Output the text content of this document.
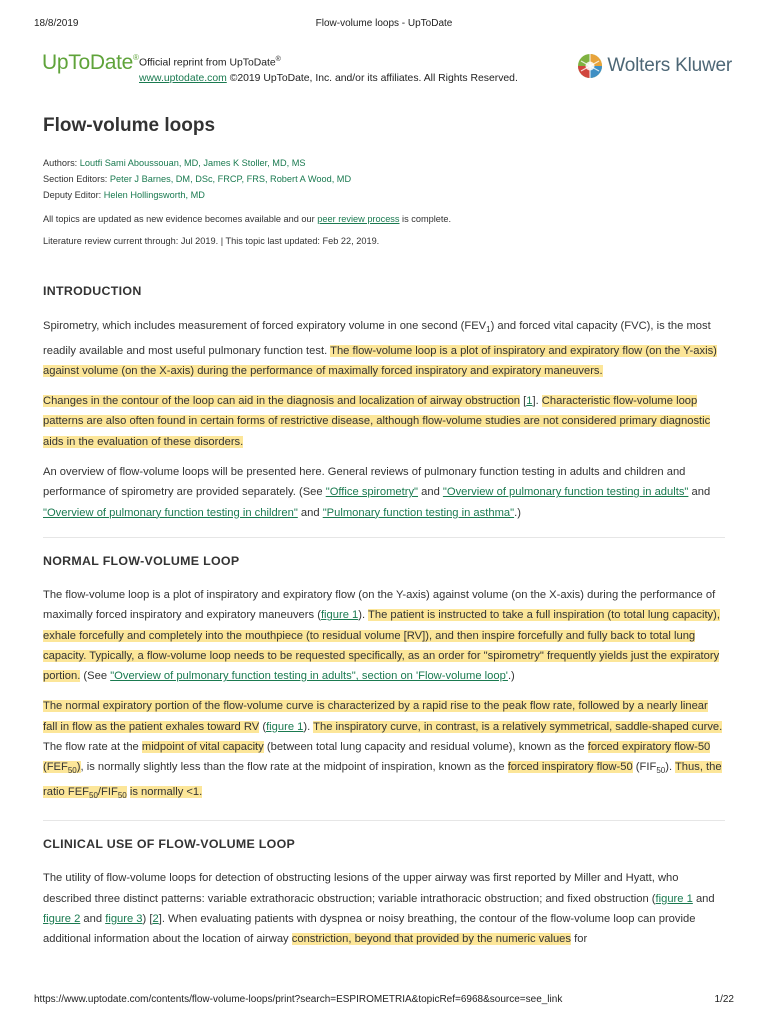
18/8/2019	Flow-volume loops - UpToDate
UpToDate® Official reprint from UpToDate®
www.uptodate.com ©2019 UpToDate, Inc. and/or its affiliates. All Rights Reserved.
Wolters Kluwer
Flow-volume loops
Authors: Loutfi Sami Aboussouan, MD, James K Stoller, MD, MS
Section Editors: Peter J Barnes, DM, DSc, FRCP, FRS, Robert A Wood, MD
Deputy Editor: Helen Hollingsworth, MD
All topics are updated as new evidence becomes available and our peer review process is complete.
Literature review current through: Jul 2019. | This topic last updated: Feb 22, 2019.
INTRODUCTION

Spirometry, which includes measurement of forced expiratory volume in one second $(FEV_1)$ and forced vital capacity (FVC), is the most readily available and most useful pulmonary function test. The flow-volume loop is a plot of inspiratory and expiratory flow (on the Y-axis) against volume (on the X-axis) during the performance of maximally forced inspiratory and expiratory maneuvers.

Changes in the contour of the loop can aid in the diagnosis and localization of airway obstruction [1]. Characteristic flow-volume loop patterns are also often found in certain forms of restrictive disease, although flow-volume studies are not considered primary diagnostic aids in the evaluation of these disorders.

An overview of flow-volume loops will be presented here. General reviews of pulmonary function testing in adults and children and performance of spirometry are provided separately. (See "Office spirometry" and "Overview of pulmonary function testing in adults" and "Overview of pulmonary function testing in children" and "Pulmonary function testing in asthma".)

NORMAL FLOW-VOLUME LOOP

The flow-volume loop is a plot of inspiratory and expiratory flow (on the Y-axis) against volume (on the X-axis) during the performance of maximally forced inspiratory and expiratory maneuvers (figure 1). The patient is instructed to take a full inspiration (to total lung capacity), exhale forcefully and completely into the mouthpiece (to residual volume [RV]), and then inspire forcefully and fully back to total lung capacity. Typically, a flow-volume loop needs to be requested specifically, as an order for "spirometry" frequently yields just the expiratory portion. (See "Overview of pulmonary function testing in adults", section on 'Flow-volume loop'.)

The normal expiratory portion of the flow-volume curve is characterized by a rapid rise to the peak flow rate, followed by a nearly linear fall in flow as the patient exhales toward RV (figure 1). The inspiratory curve, in contrast, is a relatively symmetrical, saddle-shaped curve. The flow rate at the midpoint of vital capacity (between total lung capacity and residual volume), known as the forced expiratory flow-50 $(FEF_{50})$, is normally slightly less than the flow rate at the midpoint of inspiration, known as the forced inspiratory flow-50 $(FIF_{50})$. Thus, the ratio $FEF_{50}/FIF_{50}$ is normally <1.

CLINICAL USE OF FLOW-VOLUME LOOP

The utility of flow-volume loops for detection of obstructing lesions of the upper airway was first reported by Miller and Hyatt, who described three distinct patterns: variable extrathoracic obstruction; variable intrathoracic obstruction; and fixed obstruction (figure 1 and figure 2 and figure 3) [2]. When evaluating patients with dyspnea or noisy breathing, the contour of the flow-volume loop can provide additional information about the location of airway constriction, beyond that provided by the numeric values for

https://www.uptodate.com/contents/flow-volume-loops/print?search=ESPIROMETRIA&topicRef=6968&source=see_link	1/22
